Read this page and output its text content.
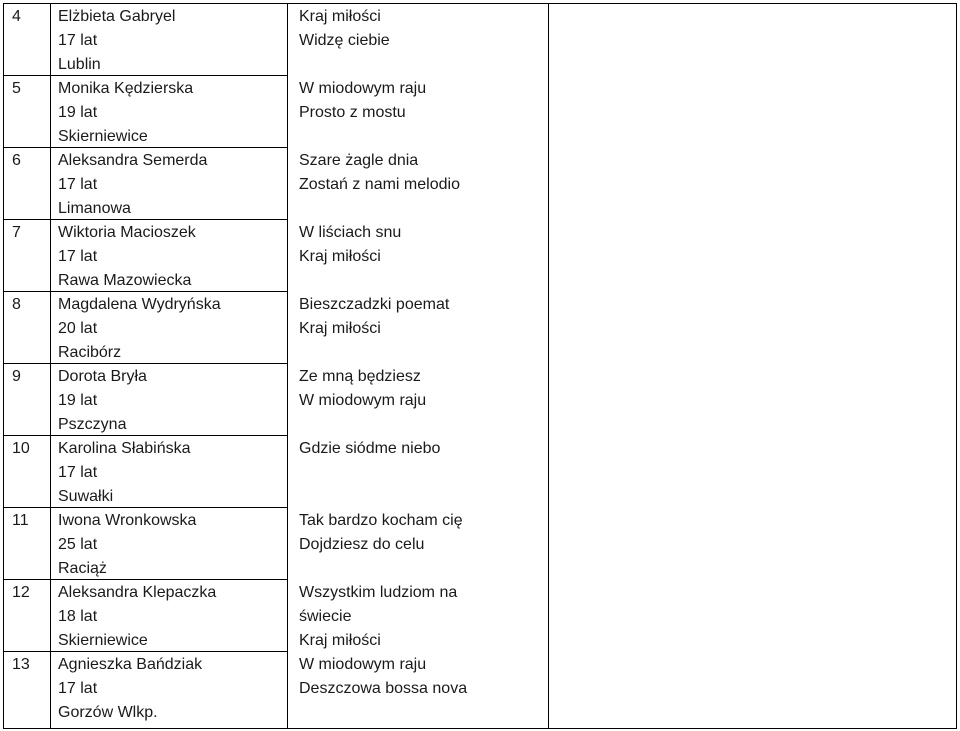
4 Elżbieta Gabryel
17 lat
Lublin
Kraj miłości
Widzę ciebie
5 Monika Kędzierska
19 lat
Skierniewice
W miodowym raju
Prosto z mostu
6 Aleksandra Semerda
17 lat
Limanowa
Szare żagle dnia
Zostań z nami melodio
7 Wiktoria Macioszek
17 lat
Rawa Mazowiecka
W liściach snu
Kraj miłości
8 Magdalena Wydryńska
20 lat
Racibórz
Bieszczadzki poemat
Kraj miłości
9 Dorota Bryła
19 lat
Pszczyna
Ze mną będziesz
W miodowym raju
10 Karolina Słabińska
17 lat
Suwałki
Gdzie siódme niebo
11 Iwona Wronkowska
25 lat
Raciąż
Tak bardzo kocham cię
Dojdziesz do celu
12 Aleksandra Klepaczka
18 lat
Skierniewice
Wszystkim ludziom na
świecie
Kraj miłości
13 Agnieszka Bańdziak
17 lat
Gorzów Wlkp.
W miodowym raju
Deszczowa bossa nova
